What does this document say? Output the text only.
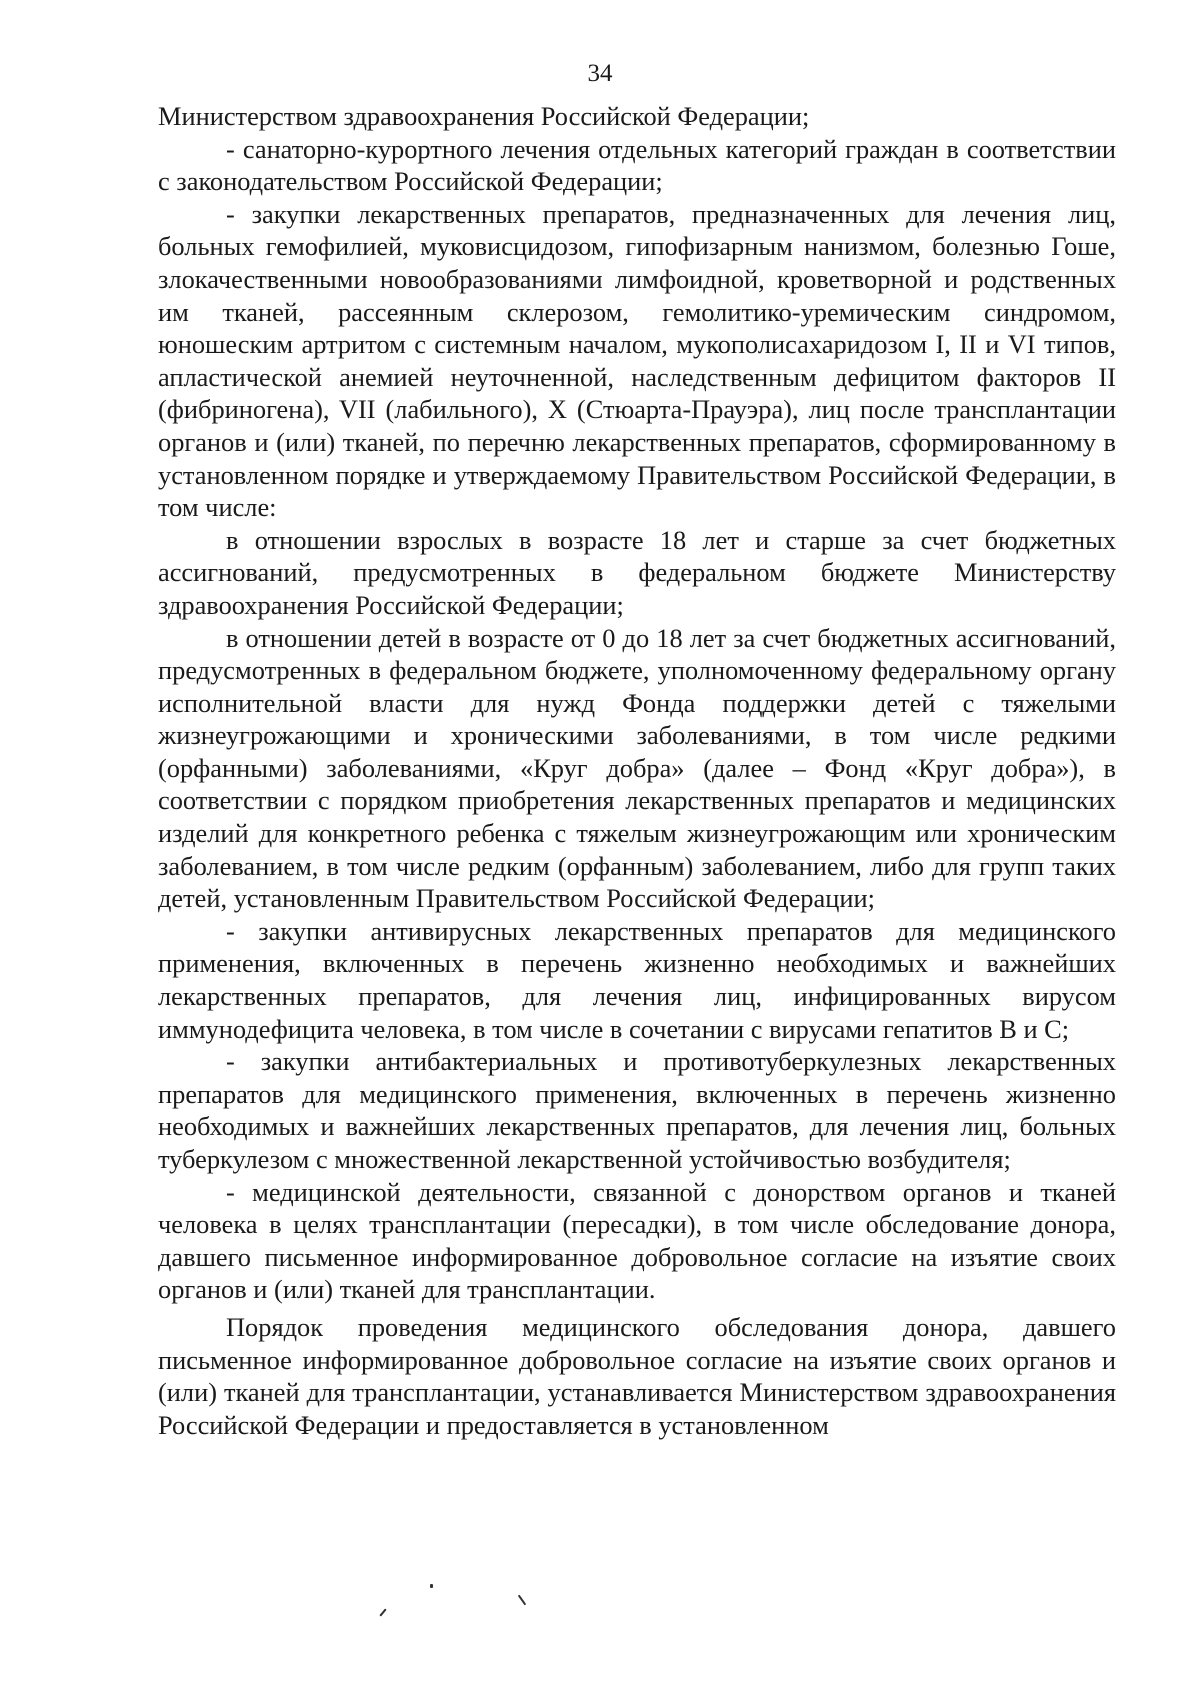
34

Министерством здравоохранения Российской Федерации;

- санаторно-курортного лечения отдельных категорий граждан в соответствии с законодательством Российской Федерации;

- закупки лекарственных препаратов, предназначенных для лечения лиц, больных гемофилией, муковисцидозом, гипофизарным нанизмом, болезнью Гоше, злокачественными новообразованиями лимфоидной, кроветворной и родственных им тканей, рассеянным склерозом, гемолитико-уремическим синдромом, юношеским артритом с системным началом, мукополисахаридозом I, II и VI типов, апластической анемией неуточненной, наследственным дефицитом факторов II (фибриногена), VII (лабильного), X (Стюарта-Прауэра), лиц после трансплантации органов и (или) тканей, по перечню лекарственных препаратов, сформированному в установленном порядке и утверждаемому Правительством Российской Федерации, в том числе:

в отношении взрослых в возрасте 18 лет и старше за счет бюджетных ассигнований, предусмотренных в федеральном бюджете Министерству здравоохранения Российской Федерации;

в отношении детей в возрасте от 0 до 18 лет за счет бюджетных ассигнований, предусмотренных в федеральном бюджете, уполномоченному федеральному органу исполнительной власти для нужд Фонда поддержки детей с тяжелыми жизнеугрожающими и хроническими заболеваниями, в том числе редкими (орфанными) заболеваниями, «Круг добра» (далее – Фонд «Круг добра»), в соответствии с порядком приобретения лекарственных препаратов и медицинских изделий для конкретного ребенка с тяжелым жизнеугрожающим или хроническим заболеванием, в том числе редким (орфанным) заболеванием, либо для групп таких детей, установленным Правительством Российской Федерации;

- закупки антивирусных лекарственных препаратов для медицинского применения, включенных в перечень жизненно необходимых и важнейших лекарственных препаратов, для лечения лиц, инфицированных вирусом иммунодефицита человека, в том числе в сочетании с вирусами гепатитов B и C;

- закупки антибактериальных и противотуберкулезных лекарственных препаратов для медицинского применения, включенных в перечень жизненно необходимых и важнейших лекарственных препаратов, для лечения лиц, больных туберкулезом с множественной лекарственной устойчивостью возбудителя;

- медицинской деятельности, связанной с донорством органов и тканей человека в целях трансплантации (пересадки), в том числе обследование донора, давшего письменное информированное добровольное согласие на изъятие своих органов и (или) тканей для трансплантации.

Порядок проведения медицинского обследования донора, давшего письменное информированное добровольное согласие на изъятие своих органов и (или) тканей для трансплантации, устанавливается Министерством здравоохранения Российской Федерации и предоставляется в установленном
